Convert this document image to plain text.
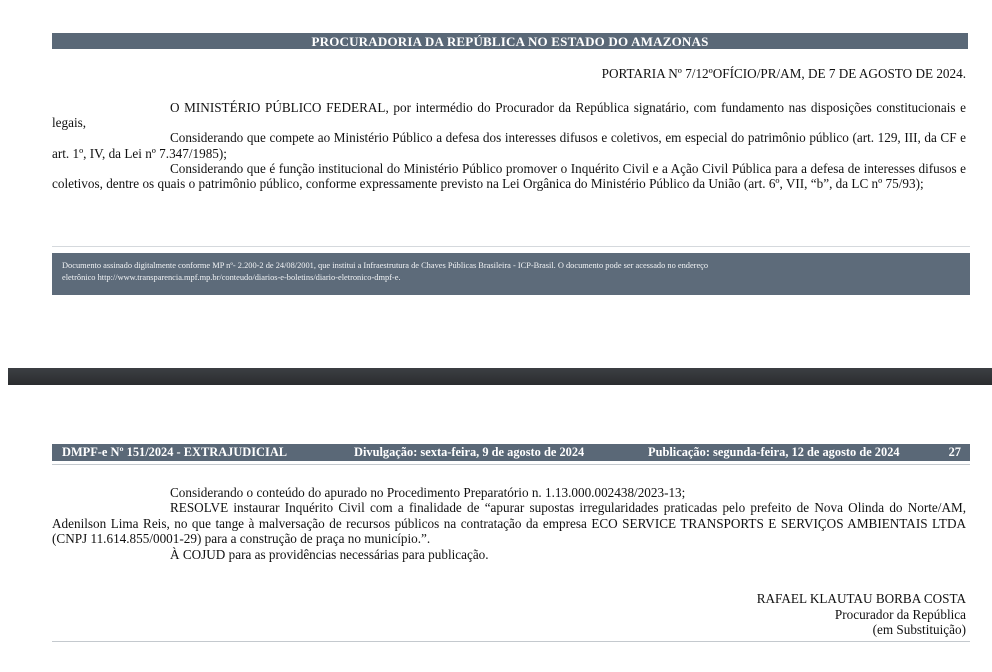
PROCURADORIA DA REPÚBLICA NO ESTADO DO AMAZONAS
PORTARIA Nº 7/12ºOFÍCIO/PR/AM, DE 7 DE AGOSTO DE 2024.

O MINISTÉRIO PÚBLICO FEDERAL, por intermédio do Procurador da República signatário, com fundamento nas disposições constitucionais e legais,

Considerando que compete ao Ministério Público a defesa dos interesses difusos e coletivos, em especial do patrimônio público (art. 129, III, da CF e art. 1º, IV, da Lei nº 7.347/1985);

Considerando que é função institucional do Ministério Público promover o Inquérito Civil e a Ação Civil Pública para a defesa de interesses difusos e coletivos, dentre os quais o patrimônio público, conforme expressamente previsto na Lei Orgânica do Ministério Público da União (art. 6º, VII, “b”, da LC nº 75/93);

Documento assinado digitalmente conforme MP nº- 2.200-2 de 24/08/2001, que institui a Infraestrutura de Chaves Públicas Brasileira - ICP-Brasil. O documento pode ser acessado no endereço
eletrônico http://www.transparencia.mpf.mp.br/conteudo/diarios-e-boletins/diario-eletronico-dmpf-e.
DMPF-e Nº 151/2024 - EXTRAJUDICIAL	Divulgação: sexta-feira, 9 de agosto de 2024	Publicação: segunda-feira, 12 de agosto de 2024	27

Considerando o conteúdo do apurado no Procedimento Preparatório n. 1.13.000.002438/2023-13;

RESOLVE instaurar Inquérito Civil com a finalidade de “apurar supostas irregularidades praticadas pelo prefeito de Nova Olinda do Norte/AM, Adenilson Lima Reis, no que tange à malversação de recursos públicos na contratação da empresa ECO SERVICE TRANSPORTS E SERVIÇOS AMBIENTAIS LTDA (CNPJ 11.614.855/0001-29) para a construção de praça no município.”.

À COJUD para as providências necessárias para publicação.

RAFAEL KLAUTAU BORBA COSTA
Procurador da República
(em Substituição)
